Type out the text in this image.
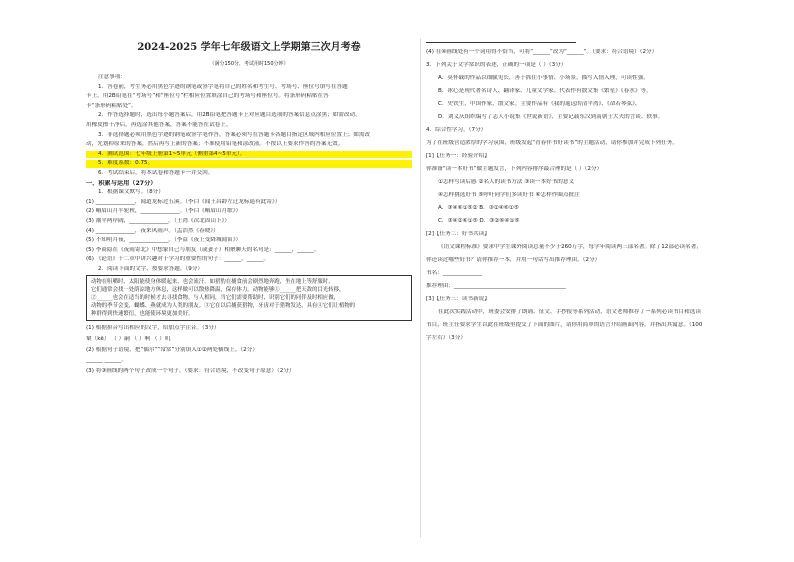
2024-2025 学年七年级语文上学期第三次月考卷
（满分150分，考试用时150分钟）
注意事项：
1．答卷前，考生务必用黑色字迹的钢笔或签字笔将自己的姓名和考生号、考场号、座位号填写在答题
卡上。用2B铅笔在“考场号”和“座位号”栏相应位置填涂自己的考场号和座位号。将条形码粘贴在答
卡“条形码粘贴处”。
2．作答选择题时，选出每小题答案后，用2B铅笔把答题卡上对应题目选项的答案信息点涂黑；如需改动，
用橡皮擦干净后，再选涂其他答案，答案不能答在试卷上。
3．非选择题必须用黑色字迹的钢笔或签字笔作答，答案必须写在答题卡各题目指定区域内相应位置上；如需改
动，先划掉原来的答案，然后再写上新的答案；不准使用铅笔和涂改液。不按以上要求作答的答案无效。
4．测试范围：七年级上册第1~5单元（侧重第4~5单元）。
5．难度系数：0.75。
6．考试结束后，将本试卷和答题卡一并交回。
一、积累与运用（27分）
1．根据课文默写。（8分）
(1) ______________，闻道龙标过五溪。（李白《闻王昌龄左迁龙标遥有此寄》）
(2) 峨眉山月半轮秋，______________。（李白《峨眉山月歌》）
(3) 潮平两岸阔，______________。（王湾《次北固山下》）
(4) ______________，夜来风雨声。（孟浩然《春晓》）
(5) 不知明月夜，______________。（李益《夜上受降城闻笛》）
(5) 李商隐在《夜雨寄北》中想象自己与朋友（或妻子）相聚聊天的名句是：______，______。
(6) 《论语》十二章中讲兴趣对于学习的重要性的句子：______，______。
2．阅读下面的文字，按要求答题。（9分）
动物在咀嚼时，太阳能使身体暖起来，也会流汗。如猎豹在捕食前会剧烈地奔跑，坐在地上等舒服时，
它们通常会找一处荫凉地方休息，这样做可以散热降温，保存体力。动物能够①______把天敌的目光转移，
②______也会在适当的时候才去寻找食物。与人相同，当它们需要帮助时，识别它们的同伴及时相应做，
动物的季节会变，蝴蝶、燕就成为人类的朋友。③它在以后捕获猎物，牙齿对于猎物发达，具有④它们让植物的
种群得到快速繁衍，也能使环境更加美好。
(1) 根据拼音写出相应的汉字，给加点字注音。（3分）
窠（kē） （ ）嗣 （ ）响 （ ）叽
(2) 根据句子语境，把“偶尔”“常常”分别填入①②两处横线上。（2分）
______ ______。
(3) 将③画线的两个句子改成一个句子。（要求：符合语境，不改变句子原意）（2分）
(4) 在④画线处有一个词用得不恰当，可将“______”改为“______”。（要求：符合语境）（2分）
3．下列关于文学常识的表述，正确的一项是（ ）（3分）
A．莫怀戚的作品以细腻见长，善于抓住小事情、小场景，描写入情入理，可读性强。
B．冰心是现代著名诗人、翻译家、儿童文学家。代表作有散文集《繁星》《春水》等。
C．史铁生，中国作家，散文家。主要作品有《我的遥远的清平湾》、《命若琴弦》、
D．刘义庆组织编写了志人小说集《世说新语》，主要记载东汉到南朝士大夫的言谈、轶事。
4．综合性学习。（7分）
为了在班级营造浓厚的学习氛围，班级发起“青春伴书好读书”的主题活动，请你参加并完成下列任务。
[1]【任务一：经验介绍】
你准备“读一本好书”做主题发言，下列内容排序最合理的是（ ）（2分）
①怎样写读后感 ②名人的读书方法 ③读一本好书的意义
④怎样挑选好书 ⑤呼吁同学们多读好书 ⑥怎样作圈点批注
A．③④⑥①⑤② B．③②④⑥①⑤
C．③④②⑥①⑤ D．③②⑥④①⑤
[2]【任务二：好书共读】
《语文课程标准》要求中学生课外阅读总量不少于260万字，每学年阅读两三部名著。除了12部必读名著，
你还读过哪些好书？请你推荐一本，并用一句话写出推荐理由。（2分）
书名：______________
推荐理由：________________________________________
[3]【任务三：读书新说】
在此次实践活动中，班委会安排了朗诵、征文、手抄报等系列活动，语文老师推荐了一系列必读书目和选读
书目，班主任要求学生以此在班级里提交了下面的图片，请你用简单的语言介绍画面内容，并指出其寓意。（100
字左右）（3分）
